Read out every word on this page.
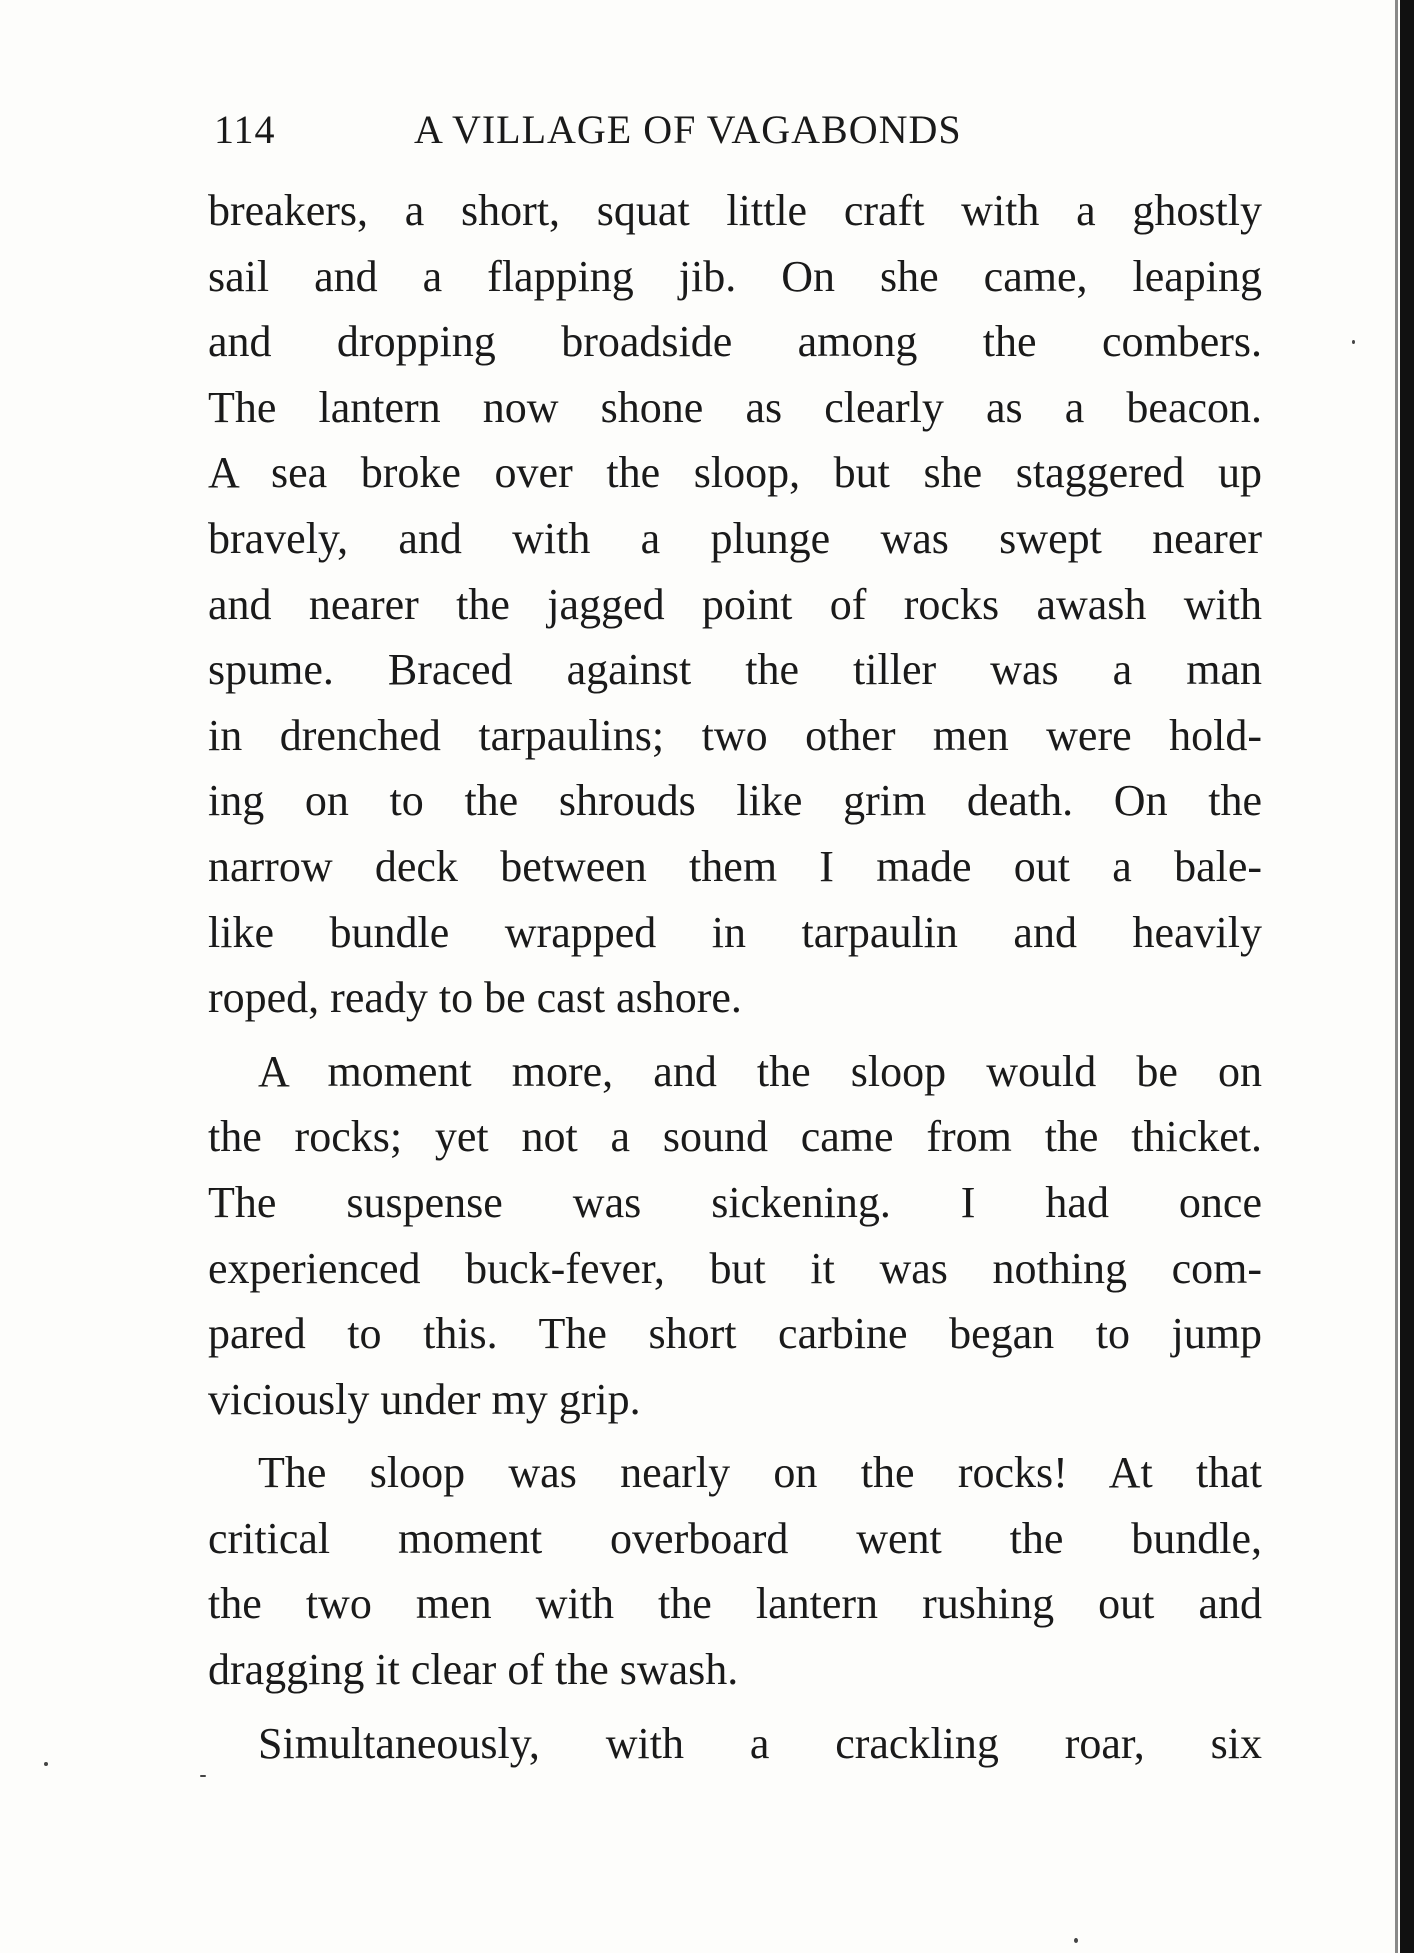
114	A VILLAGE OF VAGABONDS
breakers, a short, squat little craft with a ghostly
sail and a flapping jib. On she came, leaping
and dropping broadside among the combers.
The lantern now shone as clearly as a beacon.
A sea broke over the sloop, but she staggered up
bravely, and with a plunge was swept nearer
and nearer the jagged point of rocks awash with
spume. Braced against the tiller was a man
in drenched tarpaulins; two other men were hold-
ing on to the shrouds like grim death. On the
narrow deck between them I made out a bale-
like bundle wrapped in tarpaulin and heavily
roped, ready to be cast ashore.
A moment more, and the sloop would be on
the rocks; yet not a sound came from the thicket.
The suspense was sickening. I had once
experienced buck-fever, but it was nothing com-
pared to this. The short carbine began to jump
viciously under my grip.
The sloop was nearly on the rocks! At that
critical moment overboard went the bundle,
the two men with the lantern rushing out and
dragging it clear of the swash.
Simultaneously, with a crackling roar, six
